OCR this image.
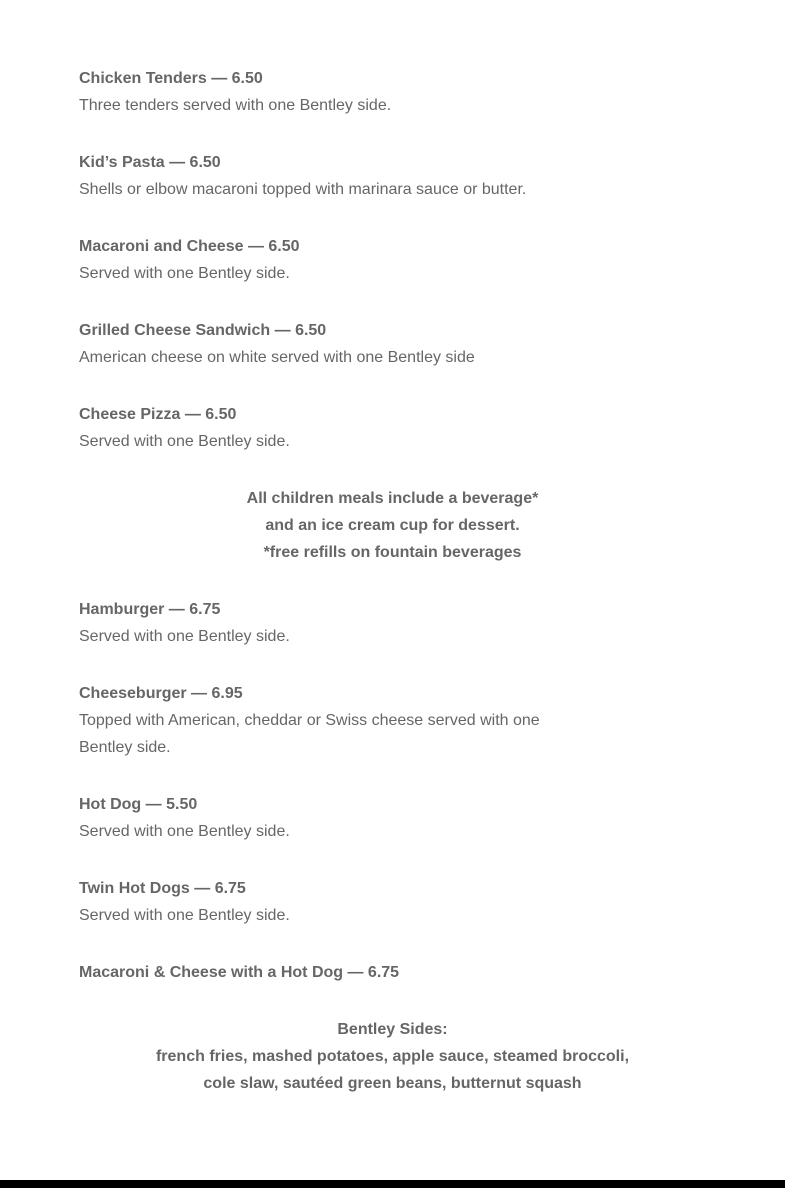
Chicken Tenders — 6.50

Three tenders served with one Bentley side.

Kid’s Pasta — 6.50

Shells or elbow macaroni topped with marinara sauce or butter.

Macaroni and Cheese — 6.50

Served with one Bentley side.

Grilled Cheese Sandwich — 6.50

American cheese on white served with one Bentley side

Cheese Pizza — 6.50

Served with one Bentley side.

All children meals include a beverage*

and an ice cream cup for dessert.

*free refills on fountain beverages

Hamburger — 6.75

Served with one Bentley side.

Cheeseburger — 6.95

Topped with American, cheddar or Swiss cheese served with one Bentley side.

Hot Dog — 5.50

Served with one Bentley side.

Twin Hot Dogs — 6.75

Served with one Bentley side.

Macaroni & Cheese with a Hot Dog — 6.75

Bentley Sides:

french fries, mashed potatoes, apple sauce, steamed broccoli,

cole slaw, sautéed green beans, butternut squash
